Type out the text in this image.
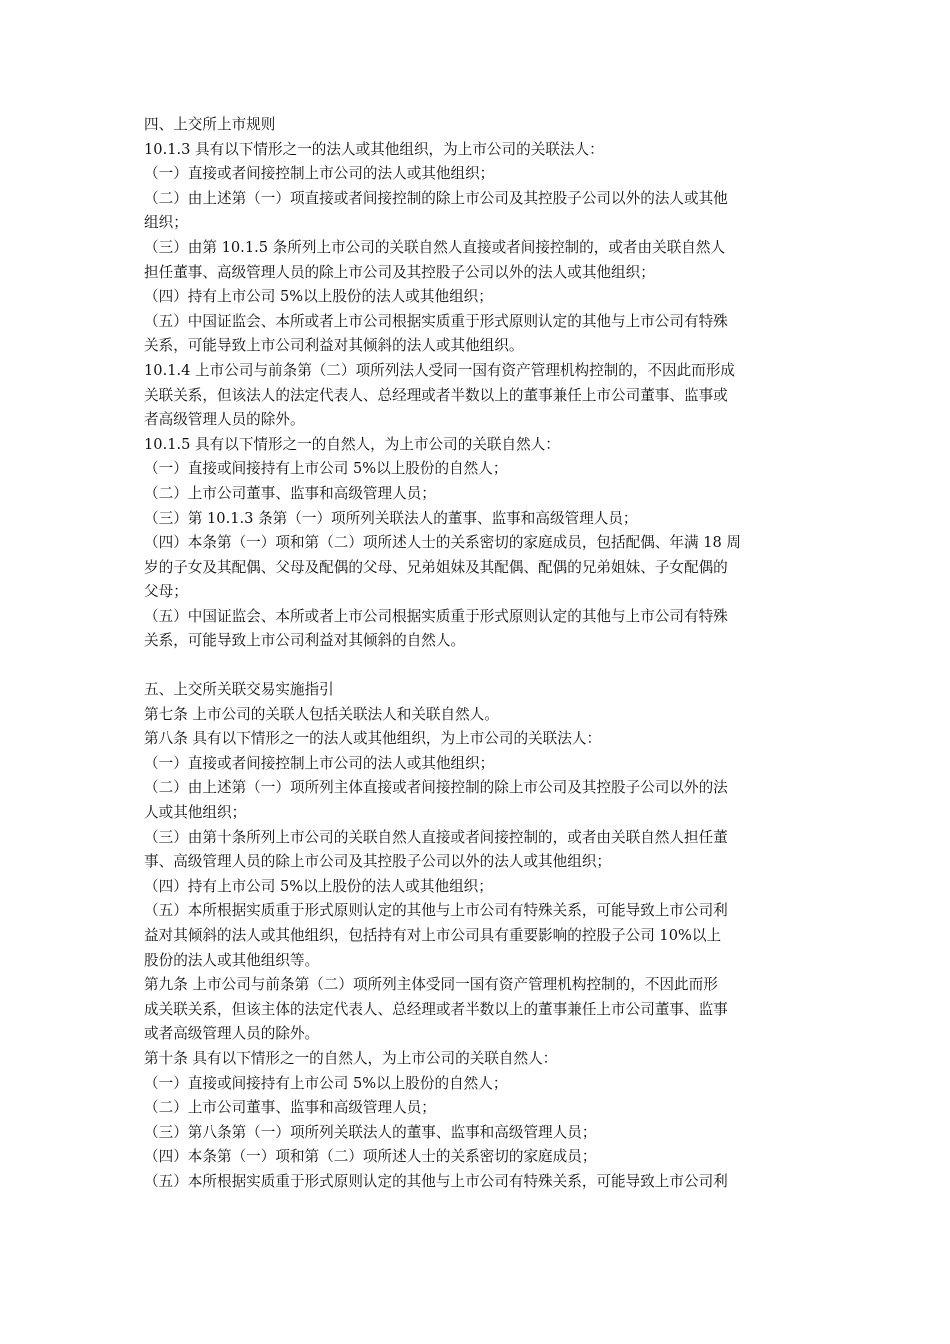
四、上交所上市规则

10.1.3 具有以下情形之一的法人或其他组织，为上市公司的关联法人：

（一）直接或者间接控制上市公司的法人或其他组织；

（二）由上述第（一）项直接或者间接控制的除上市公司及其控股子公司以外的法人或其他

组织；

（三）由第 10.1.5 条所列上市公司的关联自然人直接或者间接控制的，或者由关联自然人

担任董事、高级管理人员的除上市公司及其控股子公司以外的法人或其他组织；

（四）持有上市公司 5%以上股份的法人或其他组织；

（五）中国证监会、本所或者上市公司根据实质重于形式原则认定的其他与上市公司有特殊

关系，可能导致上市公司利益对其倾斜的法人或其他组织。

10.1.4 上市公司与前条第（二）项所列法人受同一国有资产管理机构控制的，不因此而形成

关联关系，但该法人的法定代表人、总经理或者半数以上的董事兼任上市公司董事、监事或

者高级管理人员的除外。

10.1.5 具有以下情形之一的自然人，为上市公司的关联自然人：

（一）直接或间接持有上市公司 5%以上股份的自然人；

（二）上市公司董事、监事和高级管理人员；

（三）第 10.1.3 条第（一）项所列关联法人的董事、监事和高级管理人员；

（四）本条第（一）项和第（二）项所述人士的关系密切的家庭成员，包括配偶、年满 18 周

岁的子女及其配偶、父母及配偶的父母、兄弟姐妹及其配偶、配偶的兄弟姐妹、子女配偶的

父母；

（五）中国证监会、本所或者上市公司根据实质重于形式原则认定的其他与上市公司有特殊

关系，可能导致上市公司利益对其倾斜的自然人。

五、上交所关联交易实施指引

第七条 上市公司的关联人包括关联法人和关联自然人。

第八条 具有以下情形之一的法人或其他组织，为上市公司的关联法人：

（一）直接或者间接控制上市公司的法人或其他组织；

（二）由上述第（一）项所列主体直接或者间接控制的除上市公司及其控股子公司以外的法

人或其他组织；

（三）由第十条所列上市公司的关联自然人直接或者间接控制的，或者由关联自然人担任董

事、高级管理人员的除上市公司及其控股子公司以外的法人或其他组织；

（四）持有上市公司 5%以上股份的法人或其他组织；

（五）本所根据实质重于形式原则认定的其他与上市公司有特殊关系，可能导致上市公司利

益对其倾斜的法人或其他组织，包括持有对上市公司具有重要影响的控股子公司 10%以上

股份的法人或其他组织等。

第九条 上市公司与前条第（二）项所列主体受同一国有资产管理机构控制的，不因此而形

成关联关系，但该主体的法定代表人、总经理或者半数以上的董事兼任上市公司董事、监事

或者高级管理人员的除外。

第十条 具有以下情形之一的自然人，为上市公司的关联自然人：

（一）直接或间接持有上市公司 5%以上股份的自然人；

（二）上市公司董事、监事和高级管理人员；

（三）第八条第（一）项所列关联法人的董事、监事和高级管理人员；

（四）本条第（一）项和第（二）项所述人士的关系密切的家庭成员；

（五）本所根据实质重于形式原则认定的其他与上市公司有特殊关系，可能导致上市公司利
